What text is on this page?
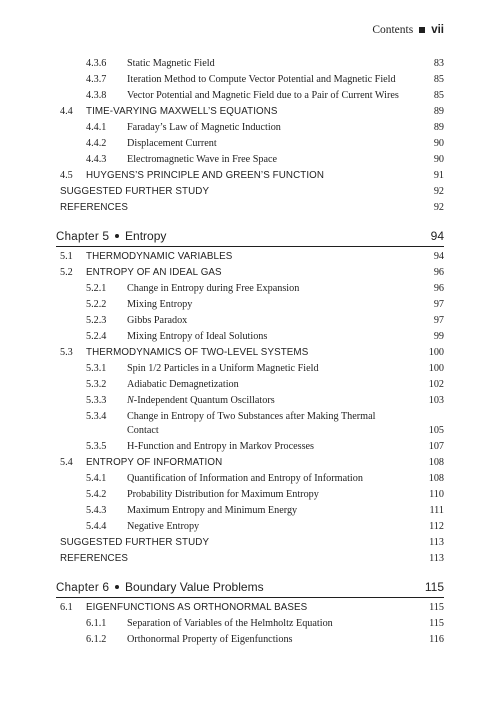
Contents vii
4.3.6 Static Magnetic Field	83
4.3.7 Iteration Method to Compute Vector Potential and Magnetic Field	85
4.3.8 Vector Potential and Magnetic Field due to a Pair of Current Wires	85
4.4 TIME-VARYING MAXWELL’S EQUATIONS	89
4.4.1 Faraday’s Law of Magnetic Induction	89
4.4.2 Displacement Current	90
4.4.3 Electromagnetic Wave in Free Space	90
4.5 HUYGENS’S PRINCIPLE AND GREEN’S FUNCTION	91
SUGGESTED FURTHER STUDY	92
REFERENCES	92
Chapter 5 Entropy	94
5.1 THERMODYNAMIC VARIABLES	94
5.2 ENTROPY OF AN IDEAL GAS	96
5.2.1 Change in Entropy during Free Expansion	96
5.2.2 Mixing Entropy	97
5.2.3 Gibbs Paradox	97
5.2.4 Mixing Entropy of Ideal Solutions	99
5.3 THERMODYNAMICS OF TWO-LEVEL SYSTEMS	100
5.3.1 Spin 1/2 Particles in a Uniform Magnetic Field	100
5.3.2 Adiabatic Demagnetization	102
5.3.3 N-Independent Quantum Oscillators	103
5.3.4 Change in Entropy of Two Substances after Making Thermal Contact	105
5.3.5 H-Function and Entropy in Markov Processes	107
5.4 ENTROPY OF INFORMATION	108
5.4.1 Quantification of Information and Entropy of Information	108
5.4.2 Probability Distribution for Maximum Entropy	110
5.4.3 Maximum Entropy and Minimum Energy	111
5.4.4 Negative Entropy	112
SUGGESTED FURTHER STUDY	113
REFERENCES	113
Chapter 6 Boundary Value Problems	115
6.1 EIGENFUNCTIONS AS ORTHONORMAL BASES	115
6.1.1 Separation of Variables of the Helmholtz Equation	115
6.1.2 Orthonormal Property of Eigenfunctions	116
